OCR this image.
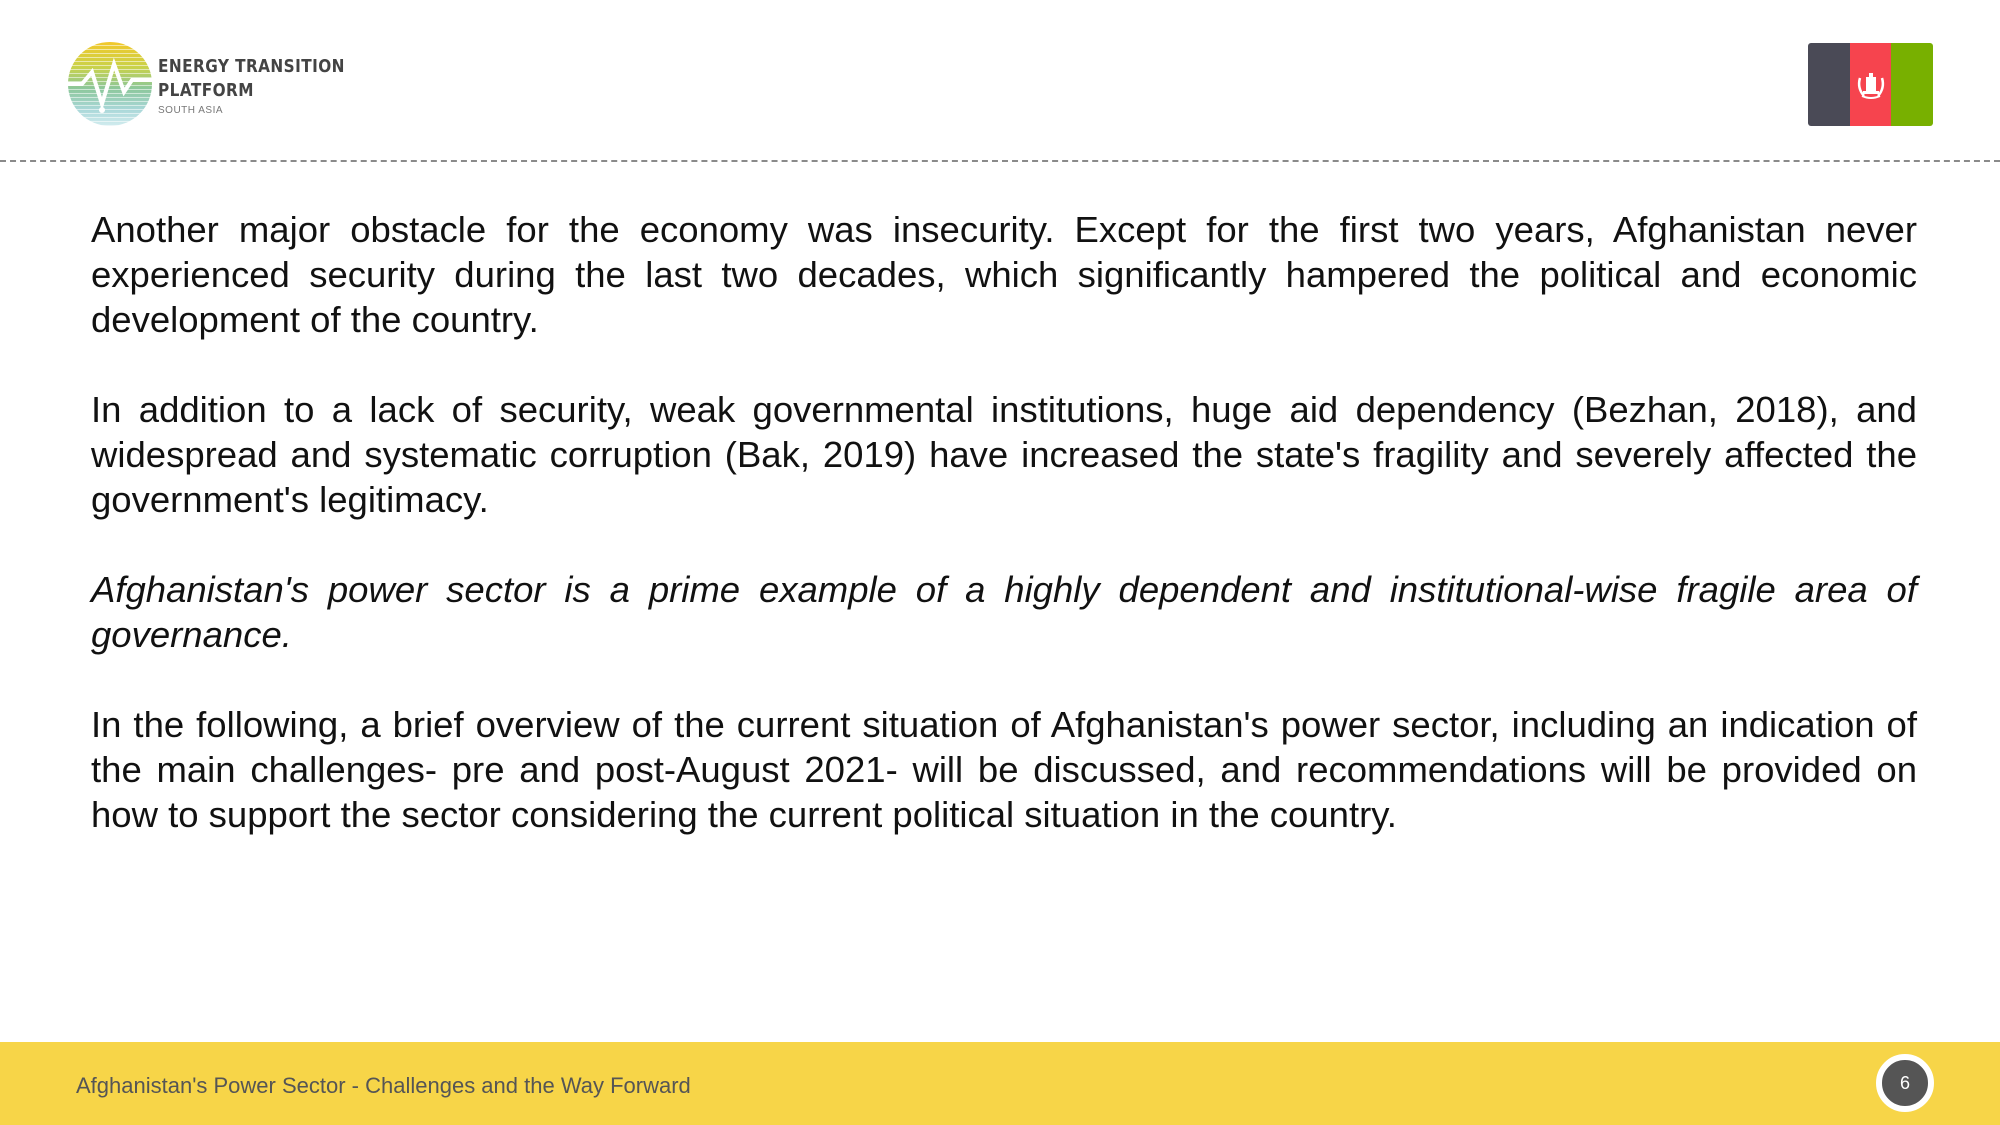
ENERGY TRANSITION
PLATFORM
SOUTH ASIA

Another major obstacle for the economy was insecurity. Except for the first two years, Afghanistan never experienced security during the last two decades, which significantly hampered the political and economic development of the country.

In addition to a lack of security, weak governmental institutions, huge aid dependency (Bezhan, 2018), and widespread and systematic corruption (Bak, 2019) have increased the state's fragility and severely affected the government's legitimacy.

Afghanistan's power sector is a prime example of a highly dependent and institutional-wise fragile area of governance.

In the following, a brief overview of the current situation of Afghanistan's power sector, including an indication of the main challenges- pre and post-August 2021- will be discussed, and recommendations will be provided on how to support the sector considering the current political situation in the country.

Afghanistan's Power Sector - Challenges and the Way Forward	6
